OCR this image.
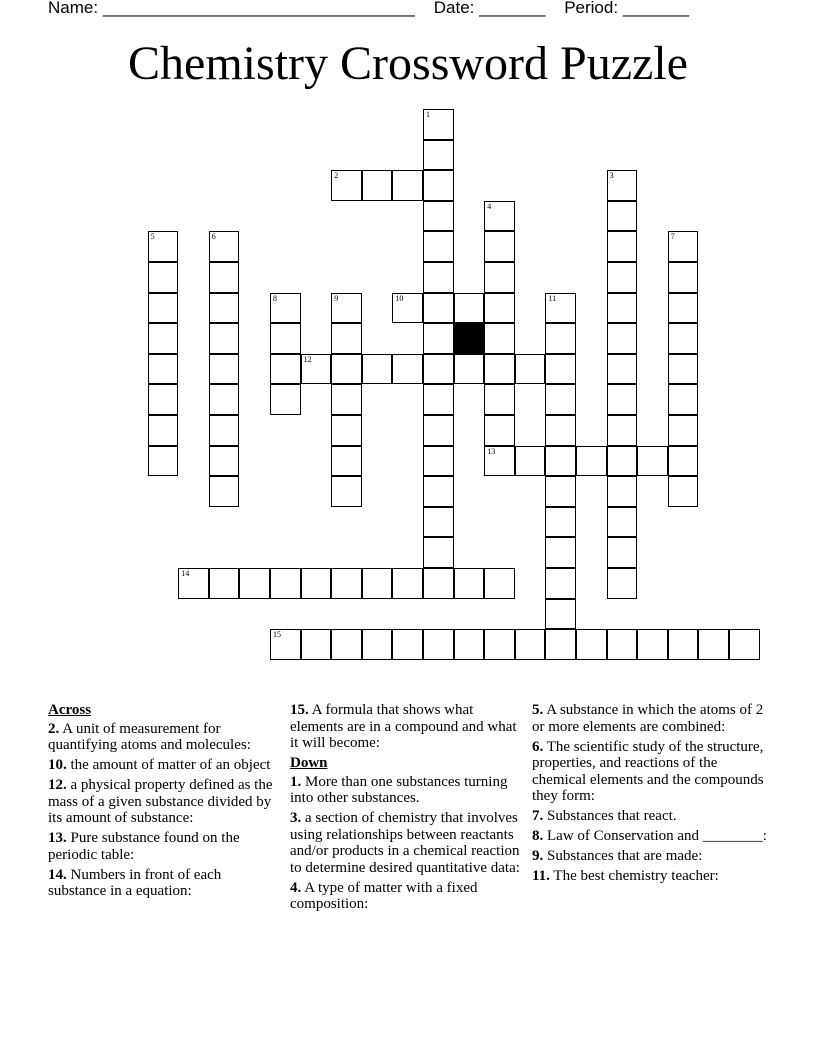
Name: _________________________________ Date: _______ Period: _______
Chemistry Crossword Puzzle
1
2	3
4
5	6	7
8	9	10	11
12
13
14
15

Across

2. A unit of measurement for quantifying atoms and molecules:

10. the amount of matter of an object

12. a physical property defined as the mass of a given substance divided by its amount of substance:

13. Pure substance found on the periodic table:

14. Numbers in front of each substance in a equation:

15. A formula that shows what elements are in a compound and what it will become:

Down

1. More than one substances turning into other substances.

3. a section of chemistry that involves using relationships between reactants and/or products in a chemical reaction to determine desired quantitative data:

4. A type of matter with a fixed composition:

5. A substance in which the atoms of 2 or more elements are combined:

6. The scientific study of the structure, properties, and reactions of the chemical elements and the compounds they form:

7. Substances that react.

8. Law of Conservation and ________:

9. Substances that are made:

11. The best chemistry teacher:
